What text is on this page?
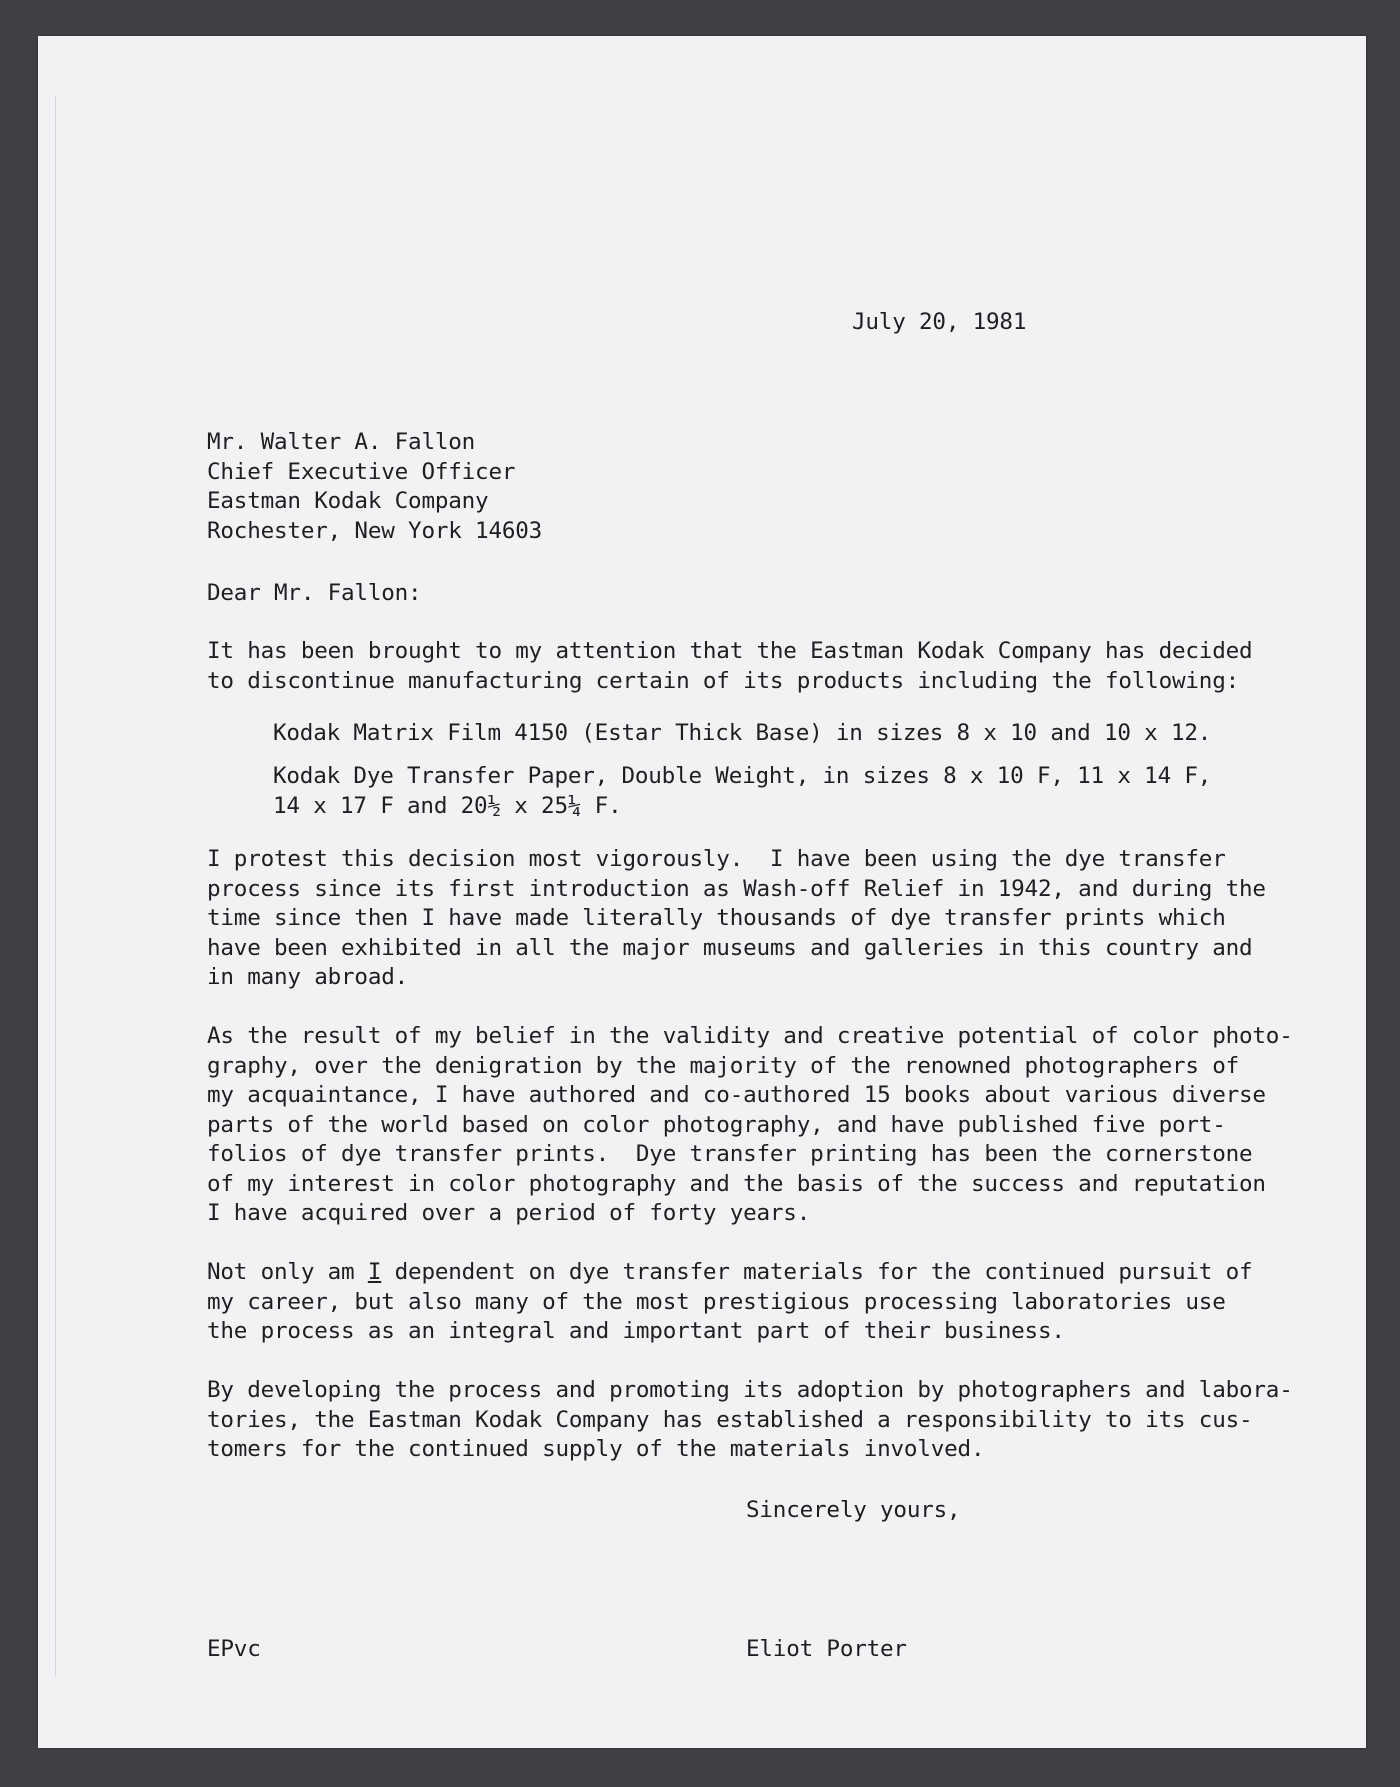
July 20, 1981
Mr. Walter A. Fallon
Chief Executive Officer
Eastman Kodak Company
Rochester, New York 14603
Dear Mr. Fallon:
It has been brought to my attention that the Eastman Kodak Company has decided
to discontinue manufacturing certain of its products including the following:
Kodak Matrix Film 4150 (Estar Thick Base) in sizes 8 x 10 and 10 x 12.
Kodak Dye Transfer Paper, Double Weight, in sizes 8 x 10 F, 11 x 14 F,
14 x 17 F and 20½ x 25¼ F.
I protest this decision most vigorously.  I have been using the dye transfer
process since its first introduction as Wash-off Relief in 1942, and during the
time since then I have made literally thousands of dye transfer prints which
have been exhibited in all the major museums and galleries in this country and
in many abroad.
As the result of my belief in the validity and creative potential of color photo-
graphy, over the denigration by the majority of the renowned photographers of
my acquaintance, I have authored and co-authored 15 books about various diverse
parts of the world based on color photography, and have published five port-
folios of dye transfer prints.  Dye transfer printing has been the cornerstone
of my interest in color photography and the basis of the success and reputation
I have acquired over a period of forty years.
Not only am I dependent on dye transfer materials for the continued pursuit of
my career, but also many of the most prestigious processing laboratories use
the process as an integral and important part of their business.
By developing the process and promoting its adoption by photographers and labora-
tories, the Eastman Kodak Company has established a responsibility to its cus-
tomers for the continued supply of the materials involved.
Sincerely yours,
EPvc	Eliot Porter
